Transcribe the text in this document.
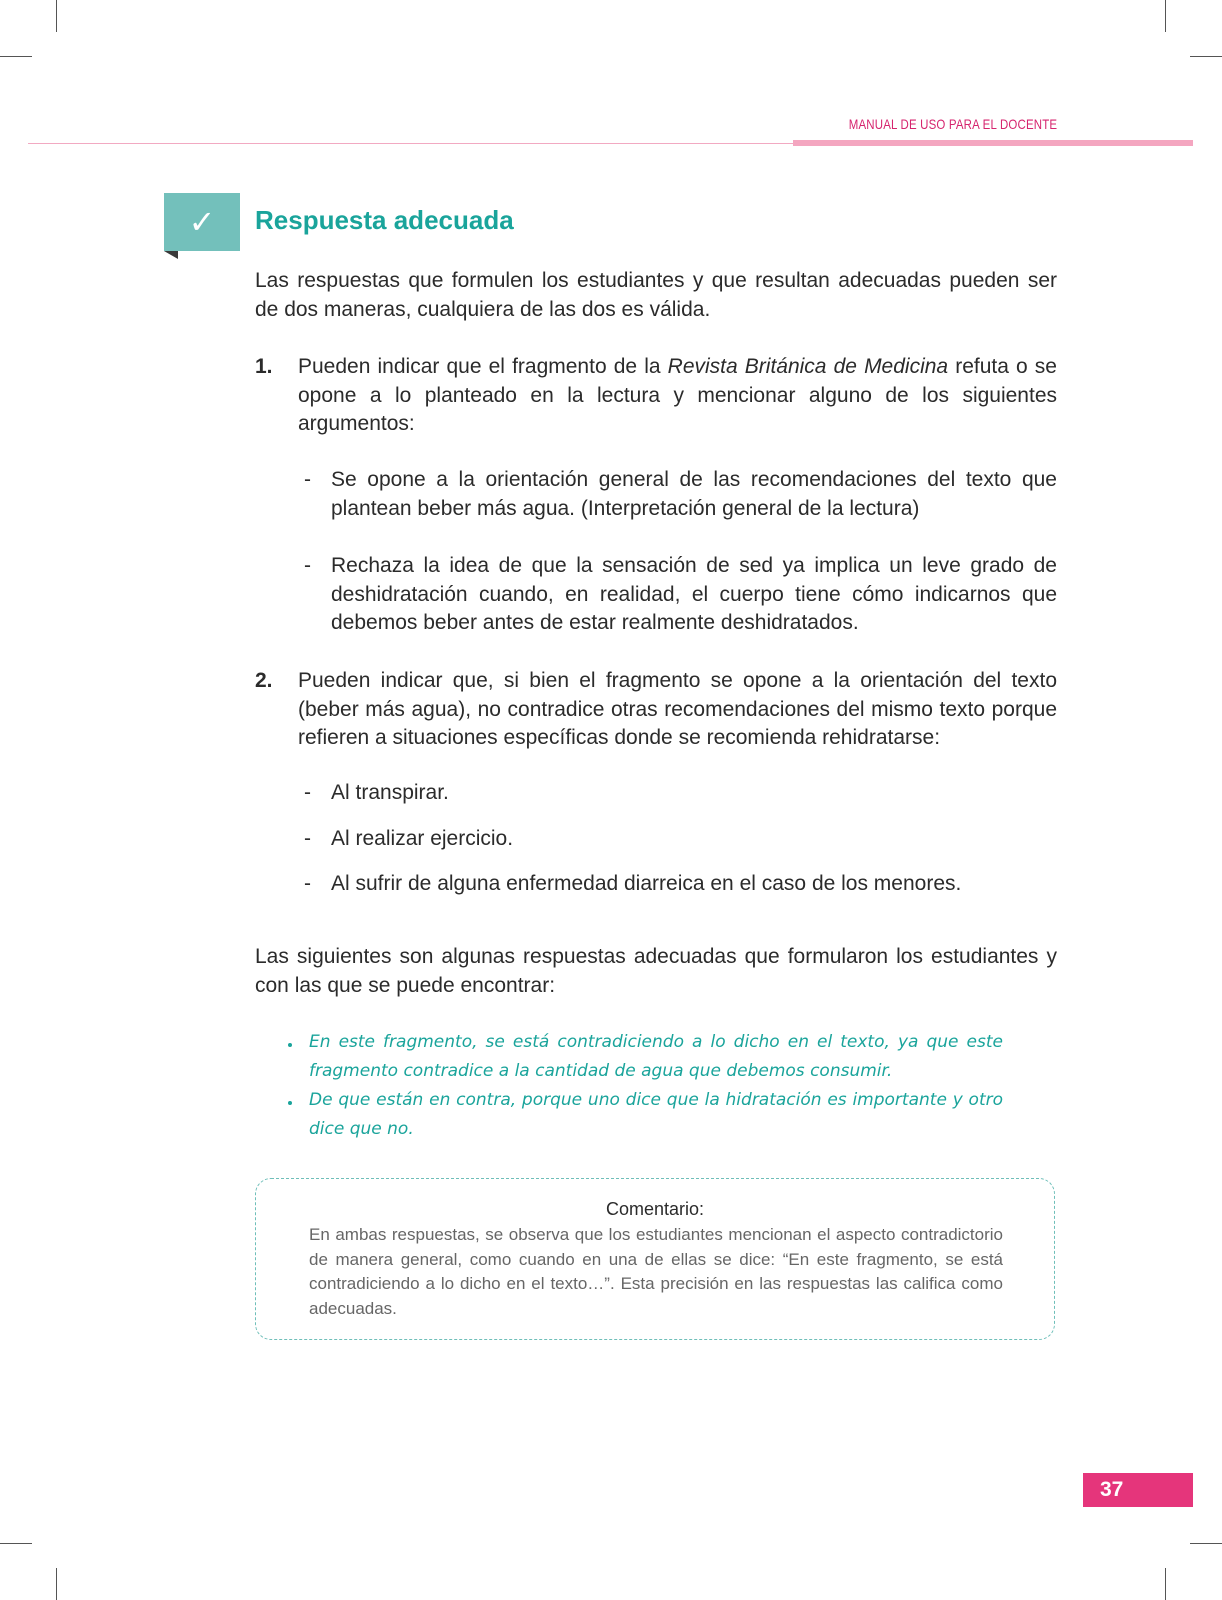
MANUAL DE USO PARA EL DOCENTE
✓ Respuesta adecuada
Las respuestas que formulen los estudiantes y que resultan adecuadas pueden ser de dos maneras, cualquiera de las dos es válida.
1. Pueden indicar que el fragmento de la Revista Británica de Medicina refuta o se opone a lo planteado en la lectura y mencionar alguno de los siguientes argumentos:
- Se opone a la orientación general de las recomendaciones del texto que plantean beber más agua. (Interpretación general de la lectura)
- Rechaza la idea de que la sensación de sed ya implica un leve grado de deshidratación cuando, en realidad, el cuerpo tiene cómo indicarnos que debemos beber antes de estar realmente deshidratados.
2. Pueden indicar que, si bien el fragmento se opone a la orientación del texto (beber más agua), no contradice otras recomendaciones del mismo texto porque refieren a situaciones específicas donde se recomienda rehidratarse:
- Al transpirar.
- Al realizar ejercicio.
- Al sufrir de alguna enfermedad diarreica en el caso de los menores.
Las siguientes son algunas respuestas adecuadas que formularon los estudiantes y con las que se puede encontrar:
En este fragmento, se está contradiciendo a lo dicho en el texto, ya que este fragmento contradice a la cantidad de agua que debemos consumir.
De que están en contra, porque uno dice que la hidratación es importante y otro dice que no.
Comentario:
En ambas respuestas, se observa que los estudiantes mencionan el aspecto contradictorio de manera general, como cuando en una de ellas se dice: “En este fragmento, se está contradiciendo a lo dicho en el texto…”. Esta precisión en las respuestas las califica como adecuadas.
37
